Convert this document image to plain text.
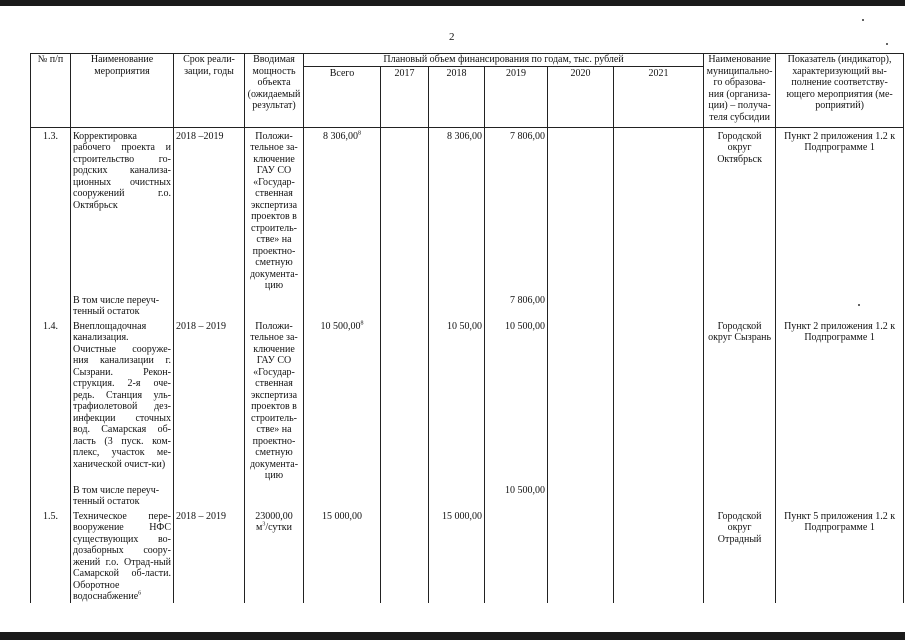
2
№ п/п	Наименование мероприятия	Срок реали-зации, годы	Вводимая мощность объекта (ожидаемый результат)	Плановый объем финансирования по годам, тыс. рублей						Наименование муниципально-го образова-ния (организа-ции) – получа-теля субсидии	Показатель (индикатор), характеризующий вы-полнение соответству-ющего мероприятия (ме-роприятий)
				Всего	2017	2018	2019	2020	2021		
1.3.	Корректировка рабочего проекта и строительство го-родских канализа-ционных очистных сооружений г.о. Октябрьск	2018 –2019	Положи-тельное за-ключение ГАУ СО «Государ-ственная экспертиза проектов в строитель-стве» на проектно-сметную документа-цию	8 306,00$^8$		8 306,00	7 806,00			Городской округ Октябрьск	Пункт 2 приложения 1.2 к Подпрограмме 1
	В том числе переуч-тенный остаток						7 806,00				
1.4.	Внеплощадочная канализация. Очистные сооруже-ния канализации г. Сызрани. Рекон-струкция. 2-я оче-редь. Станция уль-трафиолетовой дез-инфекции сточных вод. Самарская об-ласть (3 пуск. ком-плекс, участок ме-ханической очист-ки)	2018 – 2019	Положи-тельное за-ключение ГАУ СО «Государ-ственная экспертиза проектов в строитель-стве» на проектно-сметную документа-цию	10 500,00$^8$		10 50,00	10 500,00			Городской округ Сызрань	Пункт 2 приложения 1.2 к Подпрограмме 1
	В том числе переуч-тенный остаток						10 500,00				
1.5.	Техническое пере-вооружение НФС существующих во-дозаборных соору-жений г.о. Отрад-ный Самарской об-ласти. Оборотное водоснабжение$^6$	2018 – 2019	23000,00
$м^3$/сутки	15 000,00		15 000,00				Городской округ Отрадный	Пункт 5 приложения 1.2 к Подпрограмме 1
